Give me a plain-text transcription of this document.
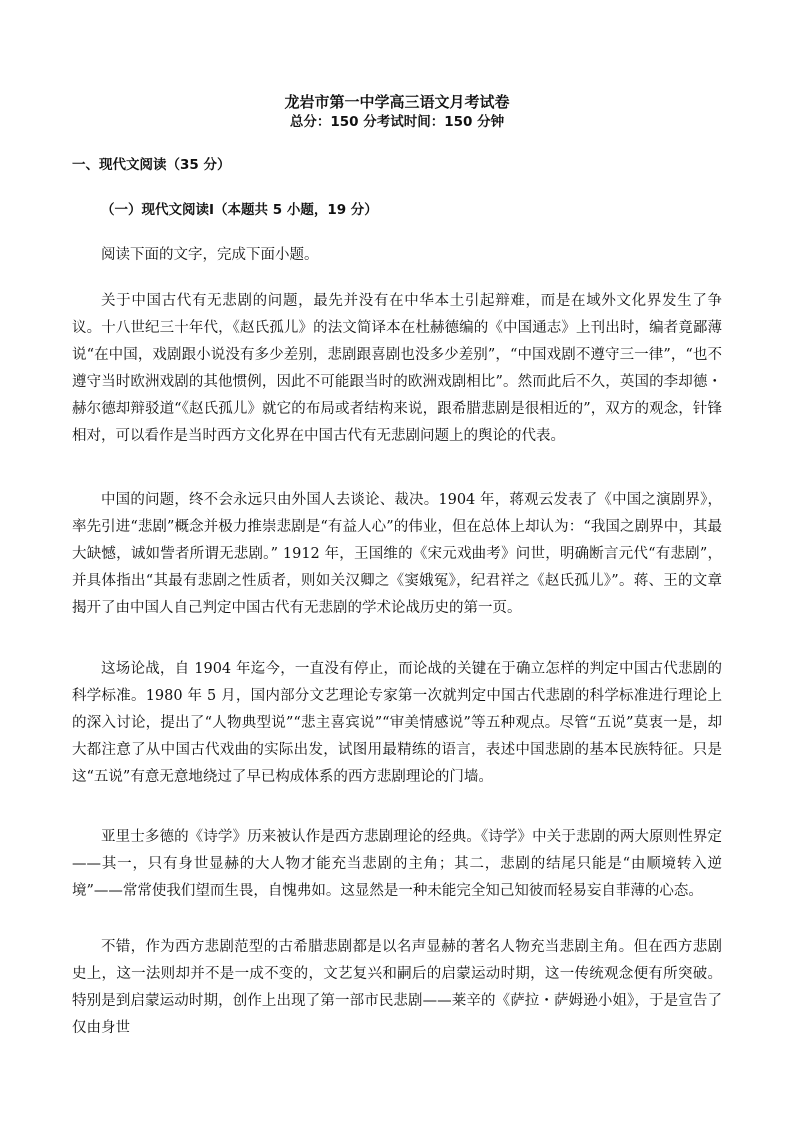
龙岩市第一中学高三语文月考试卷
总分：150 分考试时间：150 分钟
一、现代文阅读（35 分）
（一）现代文阅读Ⅰ（本题共 5 小题，19 分）
阅读下面的文字，完成下面小题。

关于中国古代有无悲剧的问题，最先并没有在中华本土引起辩难，而是在域外文化界发生了争议。十八世纪三十年代，《赵氏孤儿》的法文简译本在杜赫德编的《中国通志》上刊出时，编者竟鄙薄说“在中国，戏剧跟小说没有多少差别，悲剧跟喜剧也没多少差别”，“中国戏剧不遵守三一律”，“也不遵守当时欧洲戏剧的其他惯例，因此不可能跟当时的欧洲戏剧相比”。然而此后不久，英国的李却德・赫尔德却辩驳道“《赵氏孤儿》就它的布局或者结构来说，跟希腊悲剧是很相近的”，双方的观念，针锋相对，可以看作是当时西方文化界在中国古代有无悲剧问题上的舆论的代表。

中国的问题，终不会永远只由外国人去谈论、裁决。1904 年，蒋观云发表了《中国之演剧界》，率先引进“悲剧”概念并极力推崇悲剧是“有益人心”的伟业，但在总体上却认为：“我国之剧界中，其最大缺憾，诚如訾者所谓无悲剧。” 1912 年，王国维的《宋元戏曲考》问世，明确断言元代“有悲剧”，并具体指出“其最有悲剧之性质者，则如关汉卿之《窦娥冤》，纪君祥之《赵氏孤儿》”。蒋、王的文章揭开了由中国人自己判定中国古代有无悲剧的学术论战历史的第一页。

这场论战，自 1904 年迄今，一直没有停止，而论战的关键在于确立怎样的判定中国古代悲剧的科学标准。1980 年 5 月，国内部分文艺理论专家第一次就判定中国古代悲剧的科学标准进行理论上的深入讨论，提出了“人物典型说”“悲主喜宾说”“审美情感说”等五种观点。尽管“五说”莫衷一是，却大都注意了从中国古代戏曲的实际出发，试图用最精练的语言，表述中国悲剧的基本民族特征。只是这“五说”有意无意地绕过了早已构成体系的西方悲剧理论的门墙。

亚里士多德的《诗学》历来被认作是西方悲剧理论的经典。《诗学》中关于悲剧的两大原则性界定——其一，只有身世显赫的大人物才能充当悲剧的主角；其二，悲剧的结尾只能是“由顺境转入逆境”——常常使我们望而生畏，自愧弗如。这显然是一种未能完全知己知彼而轻易妄自菲薄的心态。

不错，作为西方悲剧范型的古希腊悲剧都是以名声显赫的著名人物充当悲剧主角。但在西方悲剧史上，这一法则却并不是一成不变的，文艺复兴和嗣后的启蒙运动时期，这一传统观念便有所突破。特别是到启蒙运动时期，创作上出现了第一部市民悲剧——莱辛的《萨拉・萨姆逊小姐》，于是宣告了仅由身世
